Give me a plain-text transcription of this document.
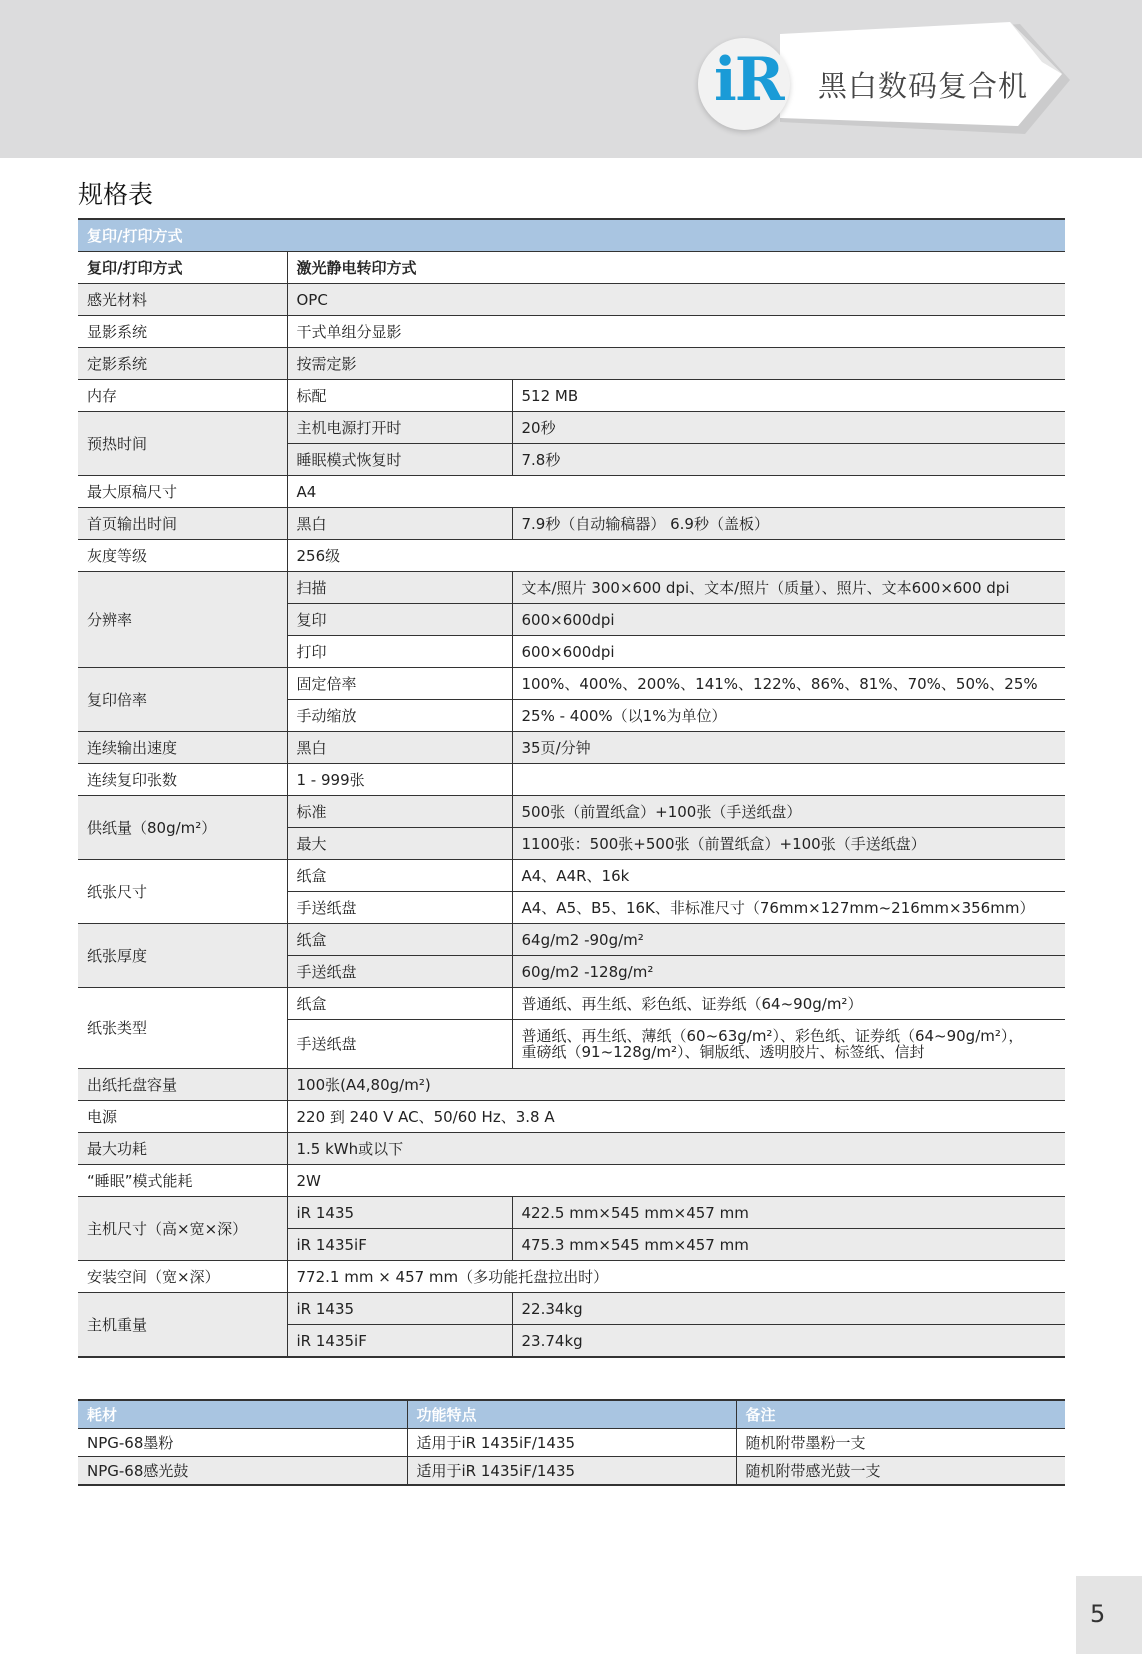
iR 黑白数码复合机
规格表
复印/打印方式		
复印/打印方式	激光静电转印方式	
感光材料	OPC	
显影系统	干式单组分显影	
定影系统	按需定影	
内存	标配	512 MB
预热时间	主机电源打开时	20秒
	睡眠模式恢复时	7.8秒
最大原稿尺寸	A4	
首页输出时间	黑白	7.9秒（自动输稿器） 6.9秒（盖板）
灰度等级	256级	
分辨率	扫描	文本/照片 300×600 dpi、文本/照片（质量）、照片、文本600×600 dpi
	复印	600×600dpi
	打印	600×600dpi
复印倍率	固定倍率	100%、400%、200%、141%、122%、86%、81%、70%、50%、25%
	手动缩放	25% - 400%（以1%为单位）
连续输出速度	黑白	35页/分钟
连续复印张数	1 - 999张	
供纸量（80g/m²）	标准	500张（前置纸盒）+100张（手送纸盘）
	最大	1100张：500张+500张（前置纸盒）+100张（手送纸盘）
纸张尺寸	纸盒	A4、A4R、16k
	手送纸盘	A4、A5、B5、16K、非标准尺寸（76mm×127mm~216mm×356mm）
纸张厚度	纸盒	64g/m2 -90g/m²
	手送纸盘	60g/m2 -128g/m²
纸张类型	纸盒	普通纸、再生纸、彩色纸、证券纸（64~90g/m²）
	手送纸盘	普通纸、再生纸、薄纸（60~63g/m²）、彩色纸、证券纸（64~90g/m²），
重磅纸（91~128g/m²）、铜版纸、透明胶片、标签纸、信封

出纸托盘容量	100张(A4,80g/m²)	
电源	220 到 240 V AC、50/60 Hz、3.8 A	
最大功耗	1.5 kWh或以下	
“睡眠”模式能耗	2W	
主机尺寸（高×宽×深）	iR 1435	422.5 mm×545 mm×457 mm
	iR 1435iF	475.3 mm×545 mm×457 mm
安装空间（宽×深）	772.1 mm × 457 mm（多功能托盘拉出时）	
主机重量	iR 1435	22.34kg
	iR 1435iF	23.74kg
耗材	功能特点	备注
NPG-68墨粉	适用于iR 1435iF/1435	随机附带墨粉一支
NPG-68感光鼓	适用于iR 1435iF/1435	随机附带感光鼓一支
5
